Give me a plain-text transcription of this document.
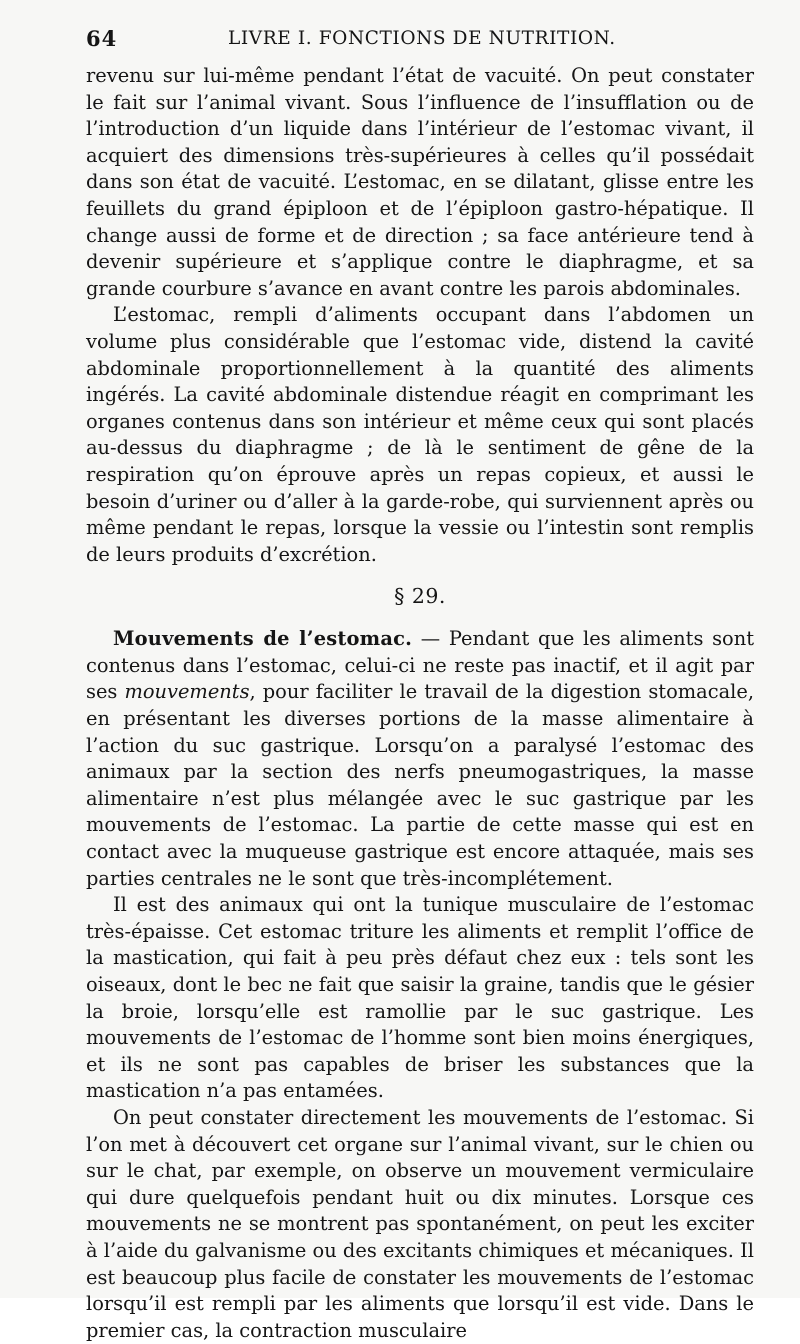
64	LIVRE I. FONCTIONS DE NUTRITION.

revenu sur lui-même pendant l’état de vacuité. On peut constater le fait sur l’animal vivant. Sous l’influence de l’insufflation ou de l’introduction d’un liquide dans l’intérieur de l’estomac vivant, il acquiert des dimensions très-supérieures à celles qu’il possédait dans son état de vacuité. L’estomac, en se dilatant, glisse entre les feuillets du grand épiploon et de l’épiploon gastro-hépatique. Il change aussi de forme et de direction ; sa face antérieure tend à devenir supérieure et s’applique contre le diaphragme, et sa grande courbure s’avance en avant contre les parois abdominales.

L’estomac, rempli d’aliments occupant dans l’abdomen un volume plus considérable que l’estomac vide, distend la cavité abdominale proportionnellement à la quantité des aliments ingérés. La cavité abdominale distendue réagit en comprimant les organes contenus dans son intérieur et même ceux qui sont placés au-dessus du diaphragme ; de là le sentiment de gêne de la respiration qu’on éprouve après un repas copieux, et aussi le besoin d’uriner ou d’aller à la garde-robe, qui surviennent après ou même pendant le repas, lorsque la vessie ou l’intestin sont remplis de leurs produits d’excrétion.

§ 29.

Mouvements de l’estomac. — Pendant que les aliments sont contenus dans l’estomac, celui-ci ne reste pas inactif, et il agit par ses mouvements, pour faciliter le travail de la digestion stomacale, en présentant les diverses portions de la masse alimentaire à l’action du suc gastrique. Lorsqu’on a paralysé l’estomac des animaux par la section des nerfs pneumogastriques, la masse alimentaire n’est plus mélangée avec le suc gastrique par les mouvements de l’estomac. La partie de cette masse qui est en contact avec la muqueuse gastrique est encore attaquée, mais ses parties centrales ne le sont que très-incomplétement.

Il est des animaux qui ont la tunique musculaire de l’estomac très-épaisse. Cet estomac triture les aliments et remplit l’office de la mastication, qui fait à peu près défaut chez eux : tels sont les oiseaux, dont le bec ne fait que saisir la graine, tandis que le gésier la broie, lorsqu’elle est ramollie par le suc gastrique. Les mouvements de l’estomac de l’homme sont bien moins énergiques, et ils ne sont pas capables de briser les substances que la mastication n’a pas entamées.

On peut constater directement les mouvements de l’estomac. Si l’on met à découvert cet organe sur l’animal vivant, sur le chien ou sur le chat, par exemple, on observe un mouvement vermiculaire qui dure quelquefois pendant huit ou dix minutes. Lorsque ces mouvements ne se montrent pas spontanément, on peut les exciter à l’aide du galvanisme ou des excitants chimiques et mécaniques. Il est beaucoup plus facile de constater les mouvements de l’estomac lorsqu’il est rempli par les aliments que lorsqu’il est vide. Dans le premier cas, la contraction musculaire
